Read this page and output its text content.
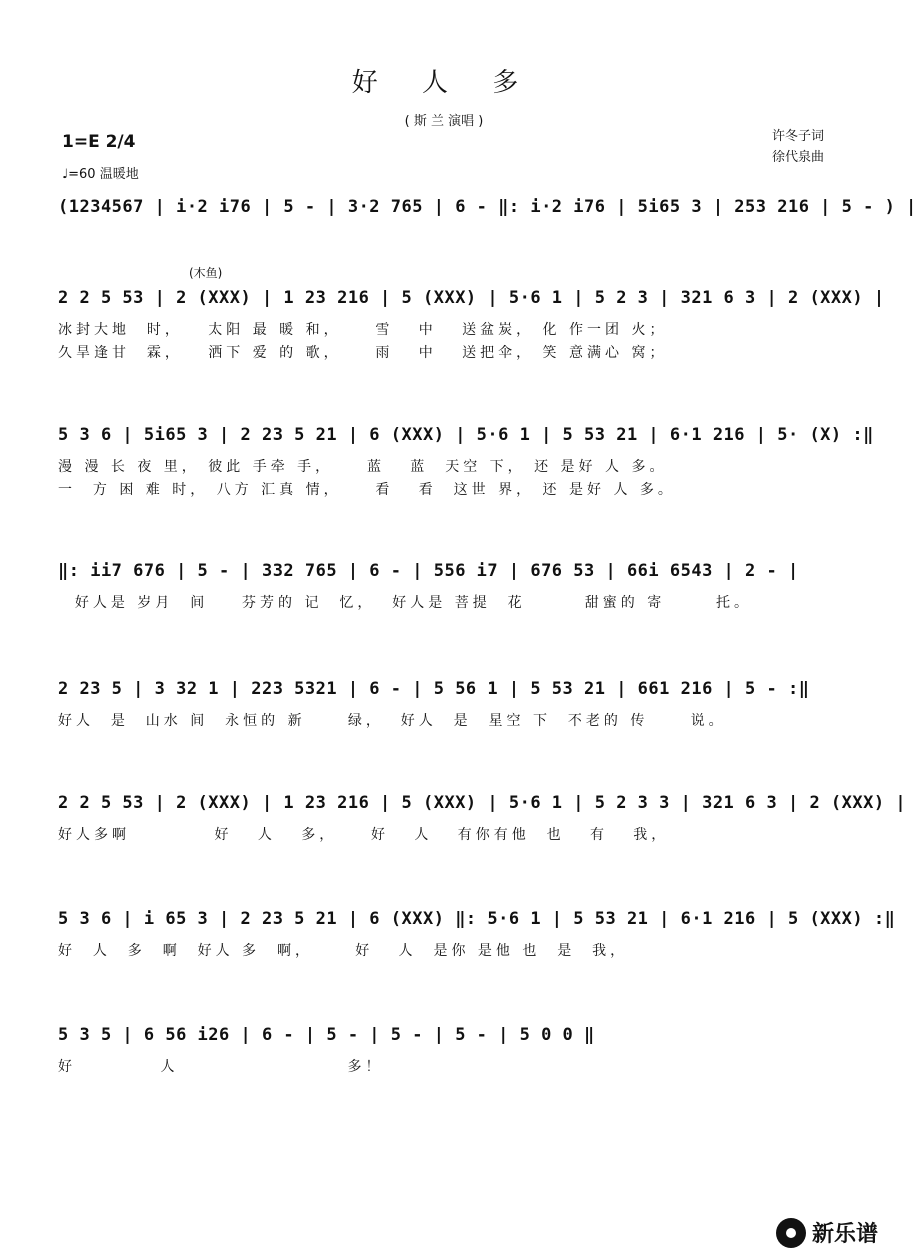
好 人 多
( 斯 兰 演唱 )
1=E 2/4
♩=60 温暖地
许冬子词
徐代泉曲
(木鱼)
(1234567 | i·2 i76 | 5 - | 3·2 765 | 6 - ‖: i·2 i76 | 5i65 3 | 253 216 | 5 - ) |
2 2 5 53 | 2 (XXX) | 1 23 216 | 5 (XXX) | 5·6 1 | 5 2 3 | 321 6 3 | 2 (XXX) |
冰封大地  时，   太阳 最 暖 和，    雪   中   送盆炭， 化 作一团 火；
久旱逢甘  霖，   洒下 爱 的 歌，    雨   中   送把伞， 笑 意满心 窝；
5 3 6 | 5i65 3 | 2 23 5 21 | 6 (XXX) | 5·6 1 | 5 53 21 | 6·1 216 | 5· (X) :‖
漫 漫 长 夜 里， 彼此 手牵 手，    蓝   蓝  天空 下， 还 是好 人 多。
一  方 困 难 时， 八方 汇真 情，    看   看  这世 界， 还 是好 人 多。
‖: ii7 676 | 5 - | 332 765 | 6 - | 556 i7 | 676 53 | 66i 6543 | 2 - |
好人是 岁月  间    芬芳的 记  忆，  好人是 菩提  花       甜蜜的 寄      托。
2 23 5 | 3 32 1 | 223 5321 | 6 - | 5 56 1 | 5 53 21 | 661 216 | 5 - :‖
好人  是  山水 间  永恒的 新     绿，  好人  是  星空 下  不老的 传     说。
2 2 5 53 | 2 (XXX) | 1 23 216 | 5 (XXX) | 5·6 1 | 5 2 3 3 | 321 6 3 | 2 (XXX) |
好人多啊          好   人   多，    好   人   有你有他  也   有   我，
5 3 6 | i 65 3 | 2 23 5 21 | 6 (XXX) ‖: 5·6 1 | 5 53 21 | 6·1 216 | 5 (XXX) :‖
好  人  多  啊  好人 多  啊，     好   人  是你 是他 也  是  我，
5 3 5 | 6 56 i26 | 6 - | 5 - | 5 - | 5 - | 5 0 0 ‖
好          人                    多！
新乐谱
